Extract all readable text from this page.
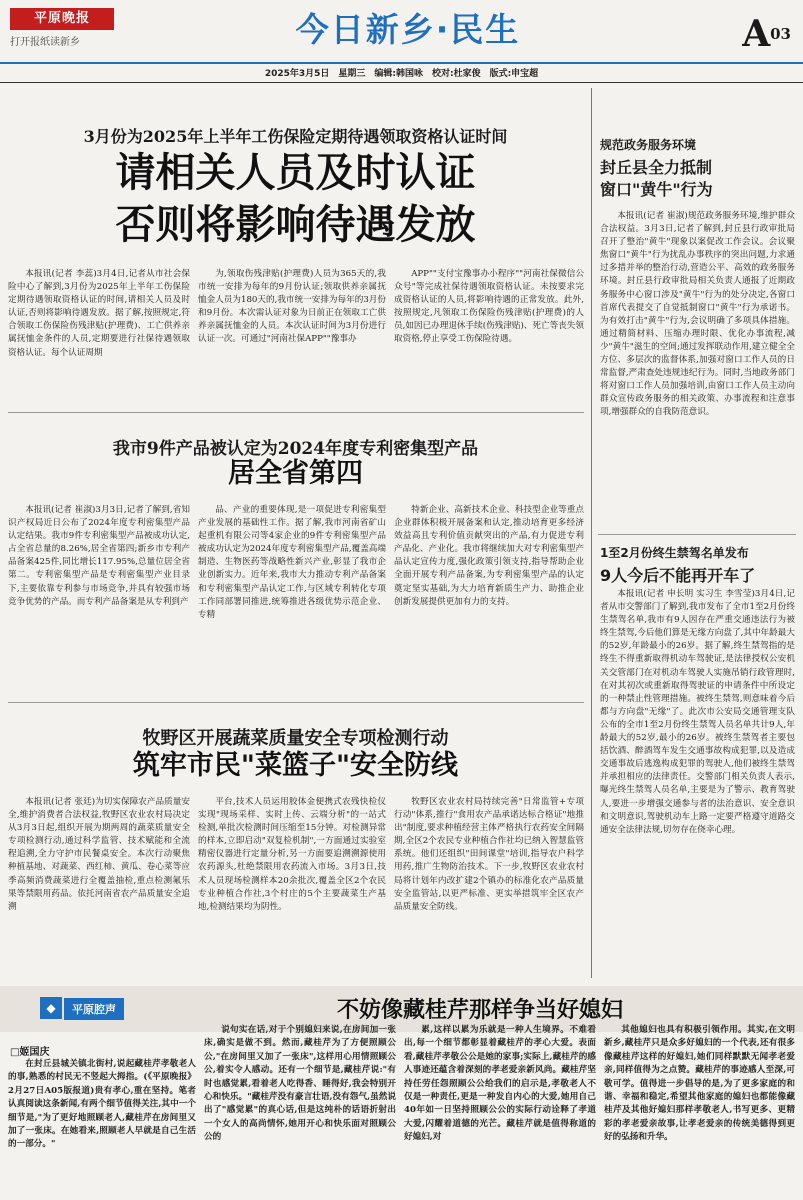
平原晚报
打开报纸读新乡	今日新乡·民生	A03
2025年3月5日　星期三　编辑:韩国咏　校对:杜家俊　版式:申宝超
3月份为2025年上半年工伤保险定期待遇领取资格认证时间
请相关人员及时认证
否则将影响待遇发放
本报讯(记者 李蕊)3月4日,记者从市社会保险中心了解到,3月份为2025年上半年工伤保险定期待遇领取资格认证的时间,请相关人员及时认证,否则将影响待遇发放。据了解,按照规定,符合领取工伤保险伤残津贴(护理费)、工亡供养亲属抚恤金条件的人员,定期要进行社保待遇领取资格认证。每个认证周期
为,领取伤残津贴(护理费)人员为365天的,我市统一安排为每年的9月份认证;领取供养亲属抚恤金人员为180天的,我市统一安排为每年的3月份和9月份。本次需认证对象为日前正在领取工亡供养亲属抚恤金的人员。本次认证时间为3月份进行认证一次。可通过"河南社保APP""豫事办
APP""支付宝豫事办小程序""河南社保微信公众号"等完成社保待遇领取资格认证。未按要求完成资格认证的人员,将影响待遇的正常发放。此外,按照规定,凡领取工伤保险伤残津贴(护理费)的人员,如因已办理退休手续(伤残津贴)、死亡等丧失领取资格,停止享受工伤保险待遇。
我市9件产品被认定为2024年度专利密集型产品
居全省第四
本报讯(记者 崔淑)3月3日,记者了解到,省知识产权局近日公布了2024年度专利密集型产品认定结果。我市9件专利密集型产品被成功认定,占全省总量的8.26%,居全省第四;新乡市专利产品备案425件,同比增长117.95%,总量位居全省第二。专利密集型产品是专利密集型产业目录下,主要依靠专利参与市场竞争,并具有较强市场竞争优势的产品。而专利产品备案是从专利到产
品、产业的重要体现,是一项促进专利密集型产业发展的基础性工作。据了解,我市河南省矿山起重机有限公司等4家企业的9件专利密集型产品被成功认定为2024年度专利密集型产品,覆盖高端制造、生物医药等战略性新兴产业,彰显了我市企业创新实力。近年来,我市大力推动专利产品备案和专利密集型产品认定工作,与区域专利转化专项工作同部署同推进,统筹推进各级优势示范企业、专精
特新企业、高新技术企业、科技型企业等重点企业群体积极开展备案和认定,推动培育更多经济效益高且专利价值贡献突出的产品,有力促进专利产品化、产业化。我市将继续加大对专利密集型产品认定宣传力度,强化政策引领支持,指导帮助企业全面开展专利产品备案,为专利密集型产品的认定奠定坚实基础,为大力培育新质生产力、助推企业创新发展提供更加有力的支持。
牧野区开展蔬菜质量安全专项检测行动
筑牢市民"菜篮子"安全防线
本报讯(记者 张廷)为切实保障农产品质量安全,维护消费者合法权益,牧野区农业农村局决定从3月3日起,组织开展为期两周的蔬菜质量安全专项检测行动,通过科学监管、技术赋能和全流程追溯,全力守护市民餐桌安全。本次行动聚焦种植基地、对蔬菜、西红柿、黄瓜、卷心菜等应季高频消费蔬菜进行全覆盖抽检,重点检测氟乐果等禁限用药品。依托河南省农产品质量安全追溯
平台,技术人员运用胶体金便携式农残快检仪实现"现场采样、实时上传、云端分析"的一站式检测,单批次检测时间压缩至15分钟。对检测异常的样本,立即启动"双复检机制",一方面通过实验室精密仪器进行定量分析,另一方面要追溯溯源使用农药源头,杜绝禁限用农药流入市场。3月3日,技术人员现场检测样本20余批次,覆盖全区2个农民专业种植合作社,3个村庄的5个主要蔬菜生产基地,检测结果均为阴性。
牧野区农业农村局持续完善"日常监管+专项行动"体系,推行"食用农产品承诺达标合格证"地推出"制度,要求种植经营主体严格执行农药安全间隔期,全区2个农民专业种植合作社均已纳入智慧监管系统。他们还组织"田间课堂"培训,指导农户科学用药,推广生物防治技术。下一步,牧野区农业农村局将计划年内改扩建2个镇办的标准化农产品质量安全监管站,以更严标准、更实举措筑牢全区农产品质量安全防线。
规范政务服务环境
封丘县全力抵制
窗口"黄牛"行为
本报讯(记者 崔淑)规范政务服务环境,维护群众合法权益。3月3日,记者了解到,封丘县行政审批局召开了整治"黄牛"现象以案促改工作会议。会议聚焦窗口"黄牛"行为扰乱办事秩序的突出问题,力求通过多措并举的整治行动,营造公平、高效的政务服务环境。封丘县行政审批局相关负责人通报了近期政务服务中心窗口涉及"黄牛"行为的处分决定,各窗口首席代表提交了自觉抵制窗口"黄牛"行为承诺书。为有效打击"黄牛"行为,会议明确了多项具体措施。通过精简材料、压缩办理时限、优化办事流程,减少"黄牛"滋生的空间;通过发挥联动作用,建立健全全方位、多层次的监督体系,加强对窗口工作人员的日常监督,严肃查处违规违纪行为。同时,当地政务部门将对窗口工作人员加强培训,由窗口工作人员主动向群众宣传政务服务的相关政策、办事流程和注意事项,增强群众的自我防范意识。
1至2月份终生禁驾名单发布
9人今后不能再开车了
本报讯(记者 申长明 实习生 李雪莹)3月4日,记者从市交警部门了解到,我市发布了全市1至2月份终生禁驾名单,我市有9人因存在严重交通违法行为被终生禁驾,今后他们算是无缘方向盘了,其中年龄最大的52岁,年龄最小的26岁。据了解,终生禁驾指的是终生不得重新取得机动车驾驶证,是法律授权公安机关交管部门在对机动车驾驶人实施吊销行政管理时,在对其初次或重新取得驾驶证的申请条件中所设定的一种禁止性管理措施。被终生禁驾,则意味着今后都与方向盘"无缘"了。此次市公安局交通管理支队公布的全市1至2月份终生禁驾人员名单共计9人,年龄最大的52岁,最小的26岁。被终生禁驾者主要包括饮酒、醉酒驾车发生交通事故构成犯罪,以及造成交通事故后逃逸构成犯罪的驾驶人,他们被终生禁驾并承担相应的法律责任。交警部门相关负责人表示,曝光终生禁驾人员名单,主要是为了警示、教育驾驶人,要进一步增强交通参与者的法治意识、安全意识和文明意识,驾驶机动车上路一定要严格遵守道路交通安全法律法规,切勿存在侥幸心理。
◆	平原腔声	不妨像藏桂芹那样争当好媳妇
□姬国庆
在封丘县城关镇北街村,说起藏桂芹孝敬老人的事,熟悉的村民无不竖起大拇指。(《平原晚报》2月27日A05版报道)贵有孝心,重在坚持。笔者认真阅读这条新闻,有两个细节值得关注,其中一个细节是,"为了更好地照顾老人,藏桂芹在房间里又加了一张床。在她看来,照顾老人早就是自己生活的一部分。"
说句实在话,对于个别媳妇来说,在房间加一张床,确实是做不到。然而,藏桂芹为了方便照顾公公,"在房间里又加了一张床",这样用心用情照顾公公,着实令人感动。还有一个细节是,藏桂芹说:"有时也感觉累,看着老人吃得香、睡得好,我会特别开心和快乐。"藏桂芹没有豪言壮语,没有怨气,虽然说出了"感觉累"的真心话,但是这纯朴的话语折射出一个女人的高尚情怀,她用开心和快乐面对照顾公公的
累,这样以累为乐就是一种人生境界。不难看出,每一个细节都彰显着藏桂芹的孝心大爱。表面看,藏桂芹孝敬公公是她的家事;实际上,藏桂芹的感人事迹还蕴含着深刻的孝老爱亲新风尚。藏桂芹坚持任劳任怨照顾公公给我们的启示是,孝敬老人不仅是一种责任,更是一种发自内心的大爱,她用自己40年如一日坚持照顾公公的实际行动诠释了孝道大爱,闪耀着道德的光芒。藏桂芹就是值得称道的好媳妇,对
其他媳妇也具有积极引领作用。其实,在文明新乡,藏桂芹只是众多好媳妇的一个代表,还有很多像藏桂芹这样的好媳妇,她们同样默默无闻孝老爱亲,同样值得为之点赞。藏桂芹的事迹感人至深,可敬可学。值得进一步倡导的是,为了更多家庭的和谐、幸福和稳定,希望其他家庭的媳妇也都能像藏桂芹及其他好媳妇那样孝敬老人,书写更多、更精彩的孝老爱亲故事,让孝老爱亲的传统美德得到更好的弘扬和升华。
